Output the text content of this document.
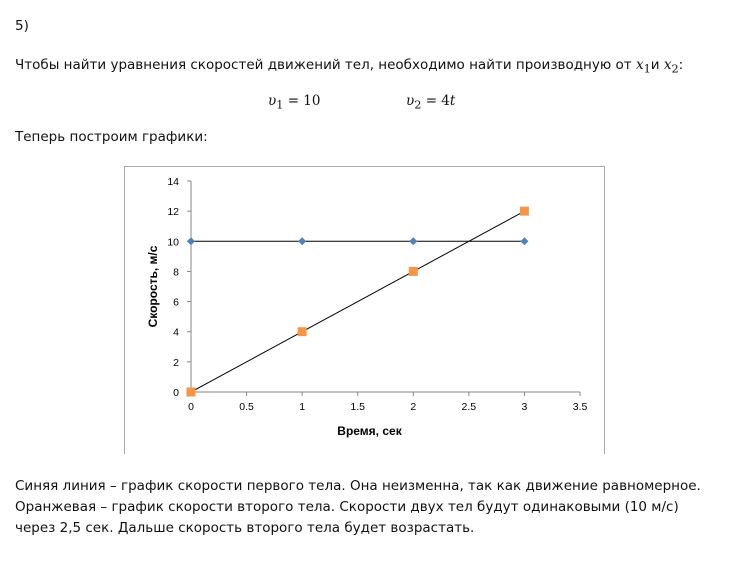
5)
Чтобы найти уравнения скоростей движений тел, необходимо найти производную от $x_1и$ $x_2$:
$\upsilon_1 = 10$	$\upsilon_2 = 4t$
Теперь построим графики:
0
2
4
6
8
10
12
14
0	0.5	1	1.5	2	2.5	3	3.5
Время, сек
Скорость, м/с
Синяя линия – график скорости первого тела. Она неизменна, так как движение равномерное.
Оранжевая – график скорости второго тела. Скорости двух тел будут одинаковыми (10 м/с)
через 2,5 сек. Дальше скорость второго тела будет возрастать.
